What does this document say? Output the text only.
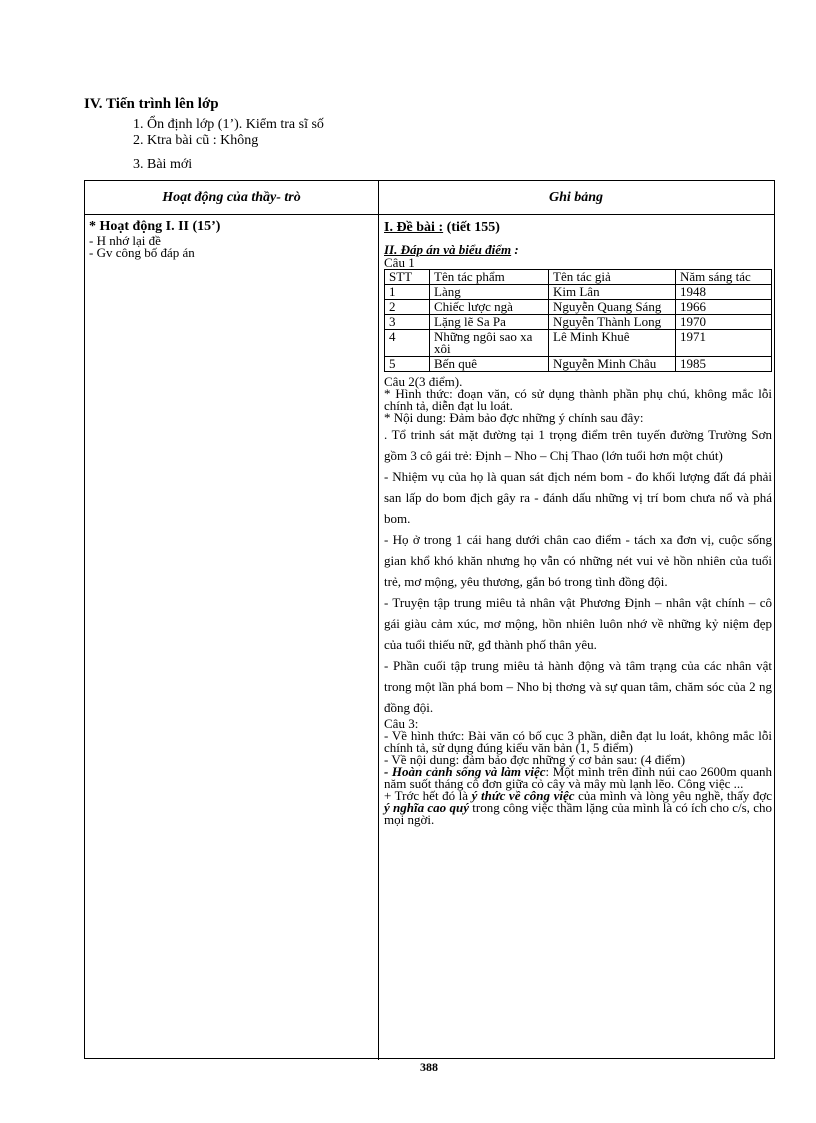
IV. Tiến trình lên lớp
1. Ổn định lớp (1’). Kiểm tra sĩ số
2. Ktra bài cũ : Không
3. Bài mới
Hoạt động của thầy- trò	Ghi bảng
* Hoạt động I. II (15’)
- H nhớ lại đề
- Gv công bố đáp án
I. Đề bài : (tiết 155)
II. Đáp án và biểu điểm :
Câu 1
STT	Tên tác phẩm	Tên tác giả	Năm sáng tác
1	Làng	Kim Lân	1948
2	Chiếc lược ngà	Nguyễn Quang Sáng	1966
3	Lặng lẽ Sa Pa	Nguyễn Thành Long	1970
4	Những ngôi sao xa xôi	Lê Minh Khuê	1971
5	Bến quê	Nguyễn Minh Châu	1985
Câu 2(3 điểm).
* Hình thức: đoạn văn, có sử dụng thành phần phụ chú, không mắc lỗi chính tả, diễn đạt lu loát.
* Nội dung: Đảm bảo đợc những ý chính sau đây:
. Tổ trinh sát mặt đường tại 1 trọng điểm trên tuyến đường Trường Sơn gồm 3 cô gái trẻ: Định – Nho – Chị Thao (lớn tuổi hơn một chút)
- Nhiệm vụ của họ là quan sát địch ném bom - đo khối lượng đất đá phải san lấp do bom địch gây ra - đánh dấu những vị trí bom chưa nổ và phá bom.
- Họ ở trong 1 cái hang dưới chân cao điểm - tách xa đơn vị, cuộc sống gian khổ khó khăn nhưng họ vẫn có những nét vui vẻ hồn nhiên của tuổi trẻ, mơ mộng, yêu thương, gắn bó trong tình đồng đội.
- Truyện tập trung miêu tả nhân vật Phương Định – nhân vật chính – cô gái giàu cảm xúc, mơ mộng, hồn nhiên luôn nhớ về những kỷ niệm đẹp của tuổi thiếu nữ, gđ thành phố thân yêu.
- Phần cuối tập trung miêu tả hành động và tâm trạng của các nhân vật trong một lần phá bom – Nho bị thơng và sự quan tâm, chăm sóc của 2 ng đồng đội.
Câu 3:
- Về hình thức: Bài văn có bố cục 3 phần, diễn đạt lu loát, không mắc lỗi chính tả, sử dụng đúng kiểu văn bản (1, 5 điểm)
- Về nội dung: đảm bảo đợc những ý cơ bản sau: (4 điểm)
- Hoàn cảnh sống và làm việc: Một mình trên đỉnh núi cao 2600m quanh năm suốt tháng cô đơn giữa cỏ cây và mây mù lạnh lẽo. Công việc ...
+ Trớc hết đó là ý thức về công việc của mình và lòng yêu nghề, thấy đợc ý nghĩa cao quý trong công việc thầm lặng của mình là có ích cho c/s, cho mọi ngời.
388
